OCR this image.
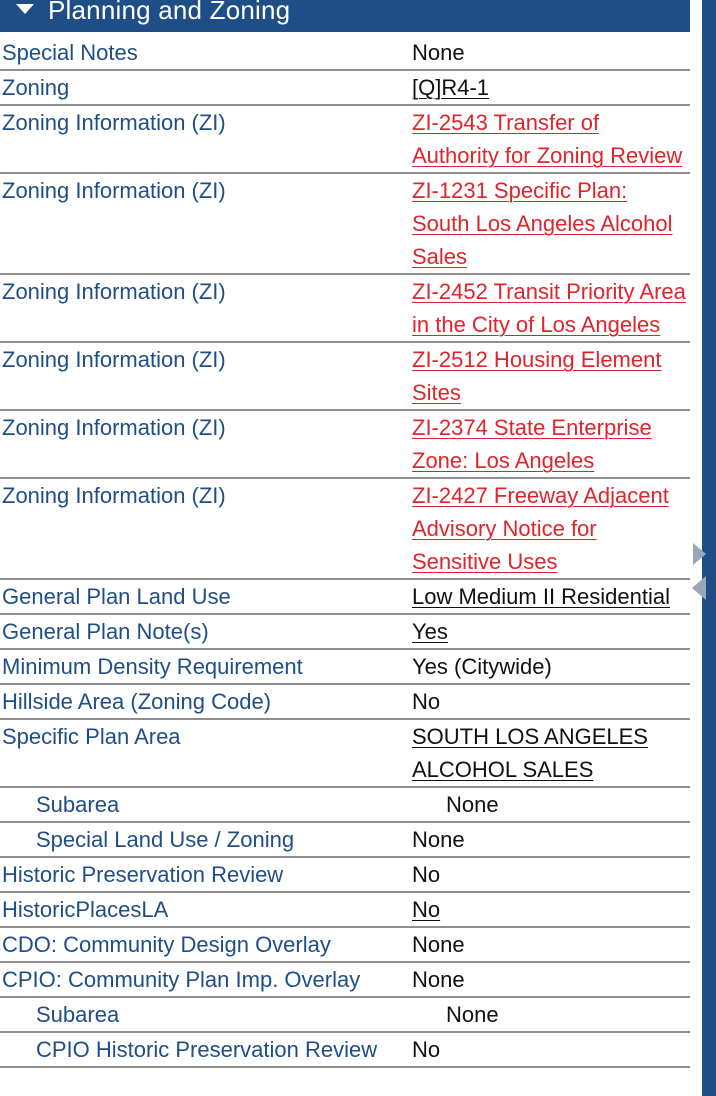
Planning and Zoning
Special Notes	None
Zoning	[Q]R4-1
Zoning Information (ZI)	ZI-2543 Transfer of Authority for Zoning Review
Zoning Information (ZI)	ZI-1231 Specific Plan: South Los Angeles Alcohol Sales
Zoning Information (ZI)	ZI-2452 Transit Priority Area in the City of Los Angeles
Zoning Information (ZI)	ZI-2512 Housing Element Sites
Zoning Information (ZI)	ZI-2374 State Enterprise Zone: Los Angeles
Zoning Information (ZI)	ZI-2427 Freeway Adjacent Advisory Notice for Sensitive Uses
General Plan Land Use	Low Medium II Residential
General Plan Note(s)	Yes
Minimum Density Requirement	Yes (Citywide)
Hillside Area (Zoning Code)	No
Specific Plan Area	SOUTH LOS ANGELES ALCOHOL SALES
Subarea	None
Special Land Use / Zoning	None
Historic Preservation Review	No
HistoricPlacesLA	No
CDO: Community Design Overlay	None
CPIO: Community Plan Imp. Overlay	None
Subarea	None
CPIO Historic Preservation Review	No
